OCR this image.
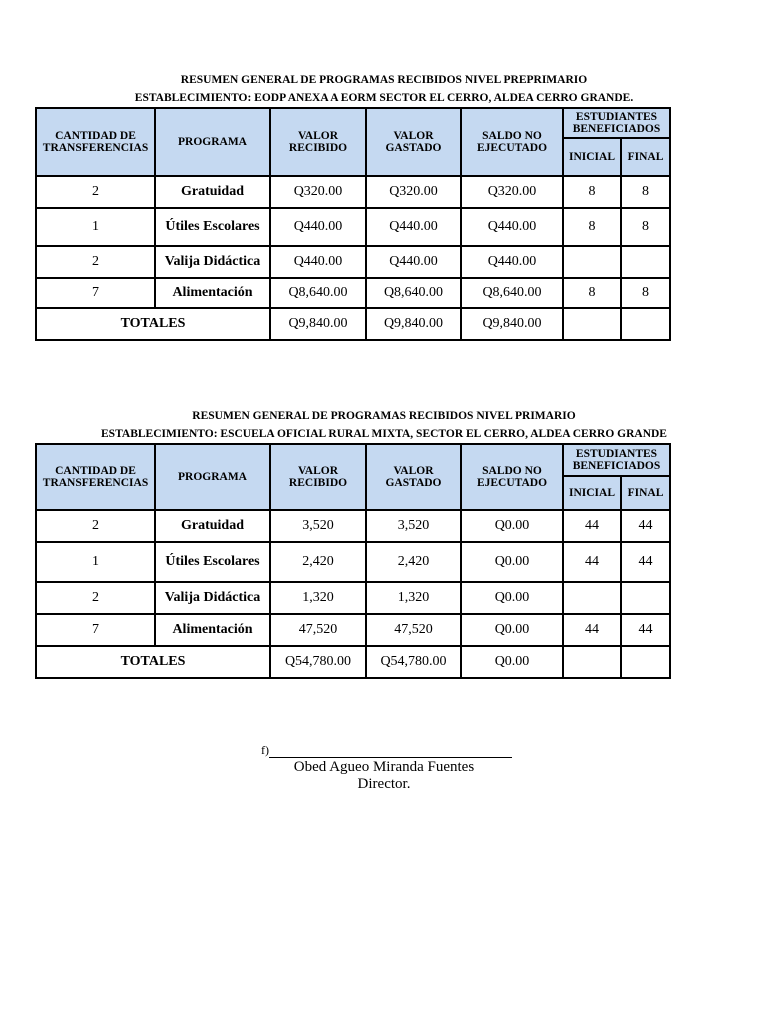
RESUMEN GENERAL DE PROGRAMAS RECIBIDOS NIVEL PREPRIMARIO
ESTABLECIMIENTO: EODP ANEXA A EORM SECTOR EL CERRO, ALDEA CERRO GRANDE.
CANTIDAD DE TRANSFERENCIAS	PROGRAMA	VALOR RECIBIDO	VALOR GASTADO	SALDO NO EJECUTADO	ESTUDIANTES BENEFICIADOS	
					INICIAL	FINAL
2	Gratuidad	Q320.00	Q320.00	Q320.00	8	8
1	Útiles Escolares	Q440.00	Q440.00	Q440.00	8	8
2	Valija Didáctica	Q440.00	Q440.00	Q440.00		
7	Alimentación	Q8,640.00	Q8,640.00	Q8,640.00	8	8
TOTALES		Q9,840.00	Q9,840.00	Q9,840.00		
RESUMEN GENERAL DE PROGRAMAS RECIBIDOS NIVEL PRIMARIO
ESTABLECIMIENTO: ESCUELA OFICIAL RURAL MIXTA, SECTOR EL CERRO, ALDEA CERRO GRANDE
CANTIDAD DE TRANSFERENCIAS	PROGRAMA	VALOR RECIBIDO	VALOR GASTADO	SALDO NO EJECUTADO	ESTUDIANTES BENEFICIADOS	
					INICIAL	FINAL
2	Gratuidad	3,520	3,520	Q0.00	44	44
1	Útiles Escolares	2,420	2,420	Q0.00	44	44
2	Valija Didáctica	1,320	1,320	Q0.00		
7	Alimentación	47,520	47,520	Q0.00	44	44
TOTALES		Q54,780.00	Q54,780.00	Q0.00		
f)
Obed Agueo Miranda Fuentes
Director.
